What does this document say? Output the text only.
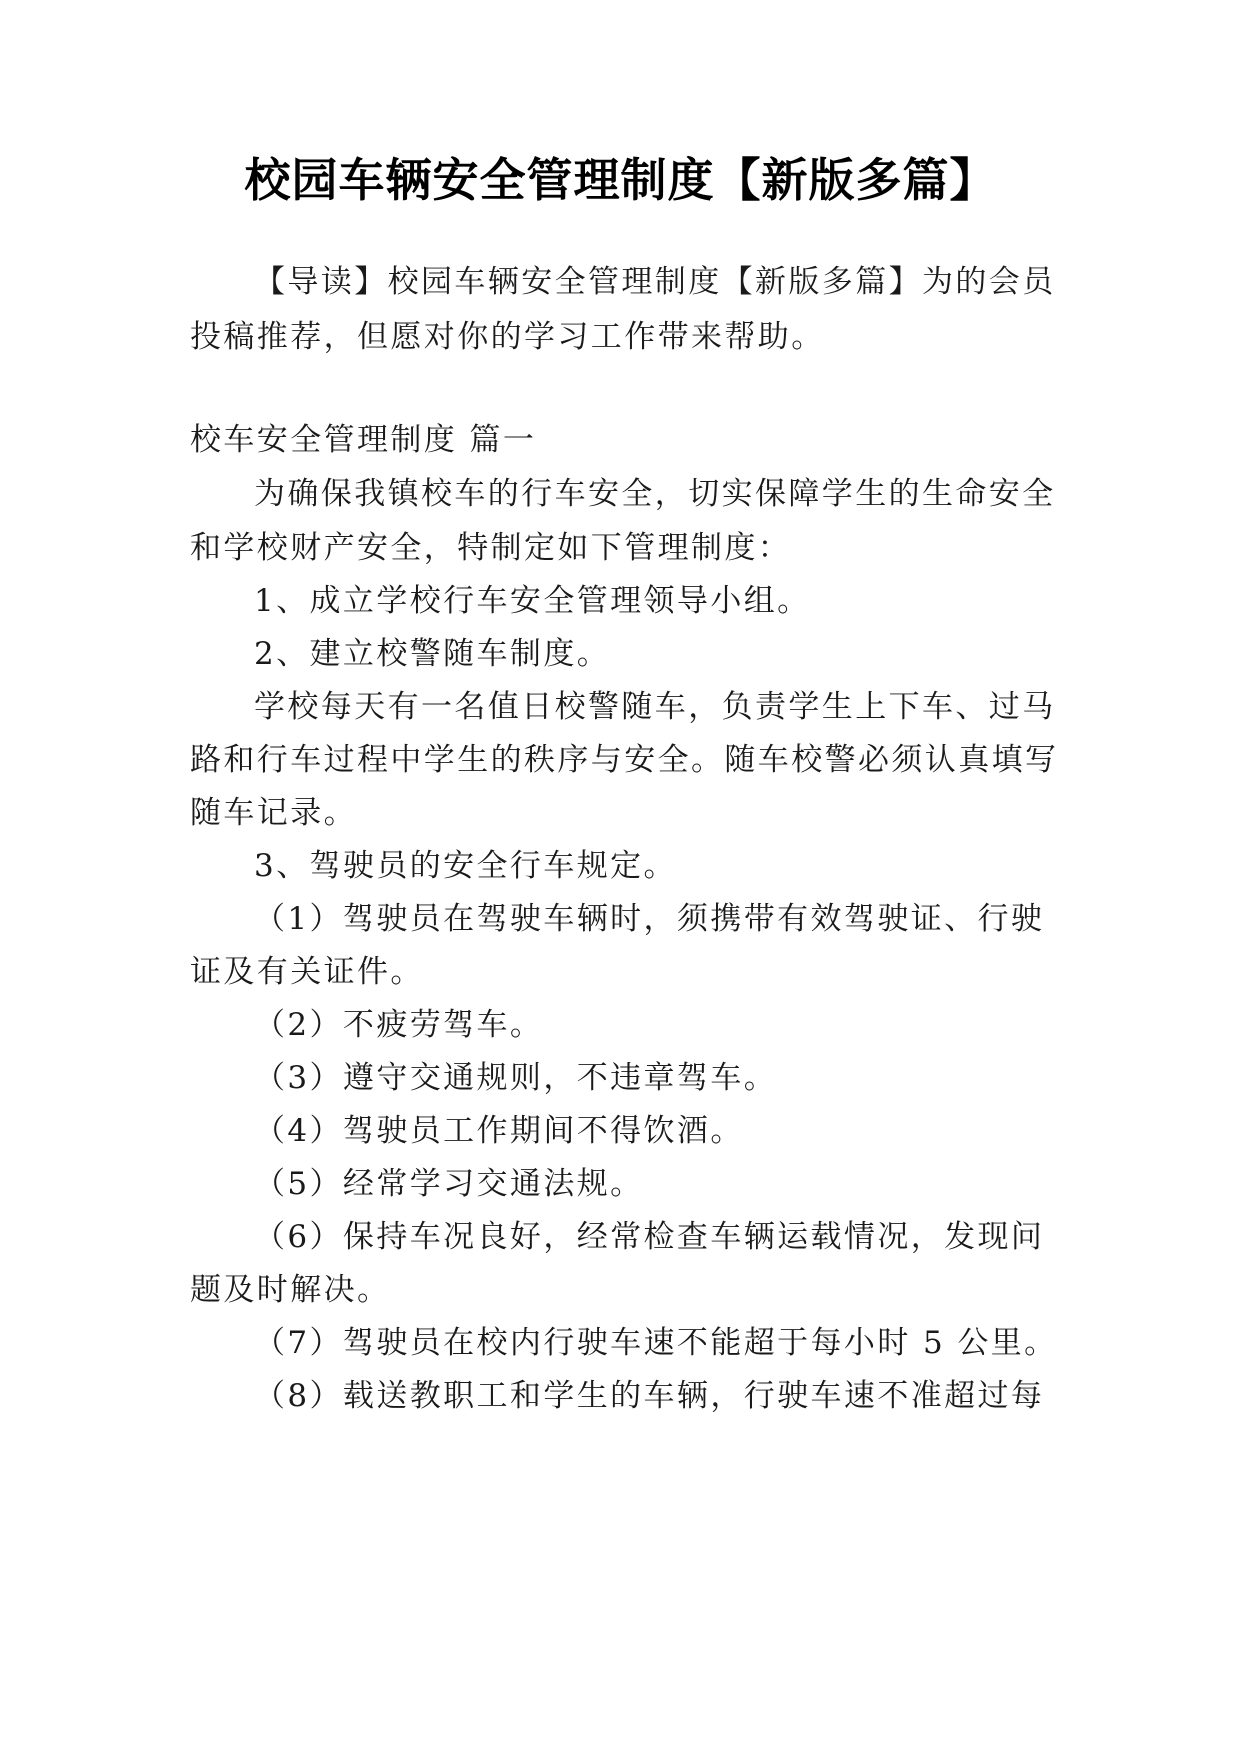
校园车辆安全管理制度【新版多篇】
【导读】校园车辆安全管理制度【新版多篇】为的会员
投稿推荐，但愿对你的学习工作带来帮助。
校车安全管理制度 篇一
为确保我镇校车的行车安全，切实保障学生的生命安全
和学校财产安全，特制定如下管理制度：
1、成立学校行车安全管理领导小组。
2、建立校警随车制度。
学校每天有一名值日校警随车，负责学生上下车、过马
路和行车过程中学生的秩序与安全。随车校警必须认真填写
随车记录。
3、驾驶员的安全行车规定。
（1）驾驶员在驾驶车辆时，须携带有效驾驶证、行驶
证及有关证件。
（2）不疲劳驾车。
（3）遵守交通规则，不违章驾车。
（4）驾驶员工作期间不得饮酒。
（5）经常学习交通法规。
（6）保持车况良好，经常检查车辆运载情况，发现问
题及时解决。
（7）驾驶员在校内行驶车速不能超于每小时 5 公里。
（8）载送教职工和学生的车辆，行驶车速不准超过每
